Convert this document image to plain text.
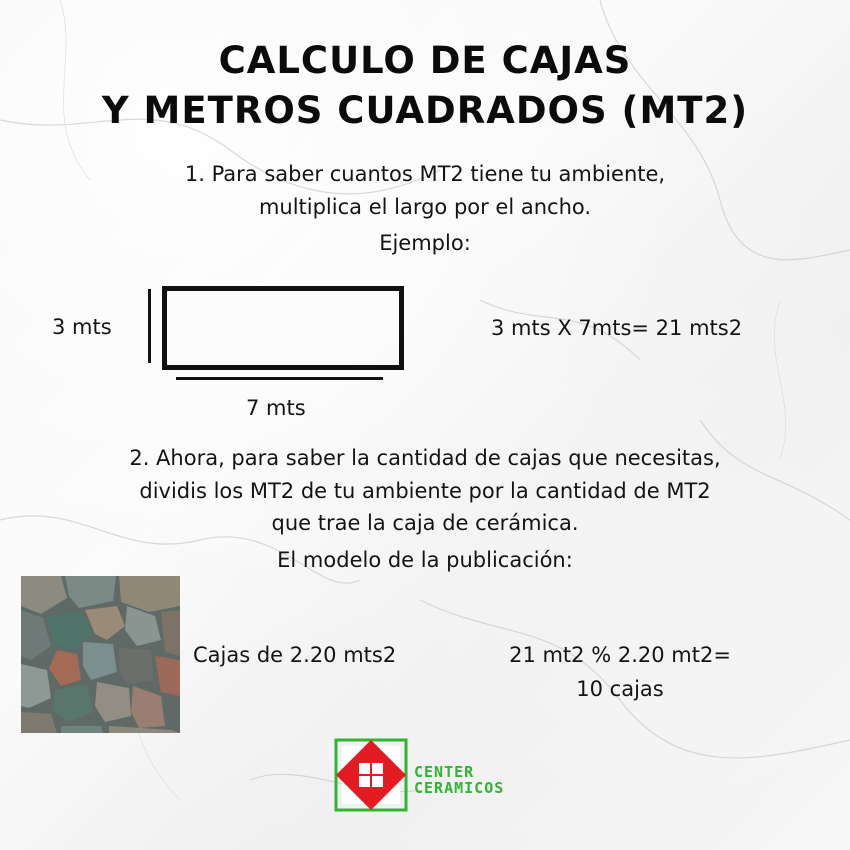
CALCULO DE CAJAS
Y METROS CUADRADOS (MT2)
1. Para saber cuantos MT2 tiene tu ambiente,
multiplica el largo por el ancho.
Ejemplo:
3 mts
7 mts
3 mts X 7mts= 21 mts2
2. Ahora, para saber la cantidad de cajas que necesitas,
dividis los MT2 de tu ambiente por la cantidad de MT2
que trae la caja de cerámica.
El modelo de la publicación:
Cajas de 2.20 mts2	21 mt2 % 2.20 mt2=
10 cajas
CENTER
CERAMICOS
